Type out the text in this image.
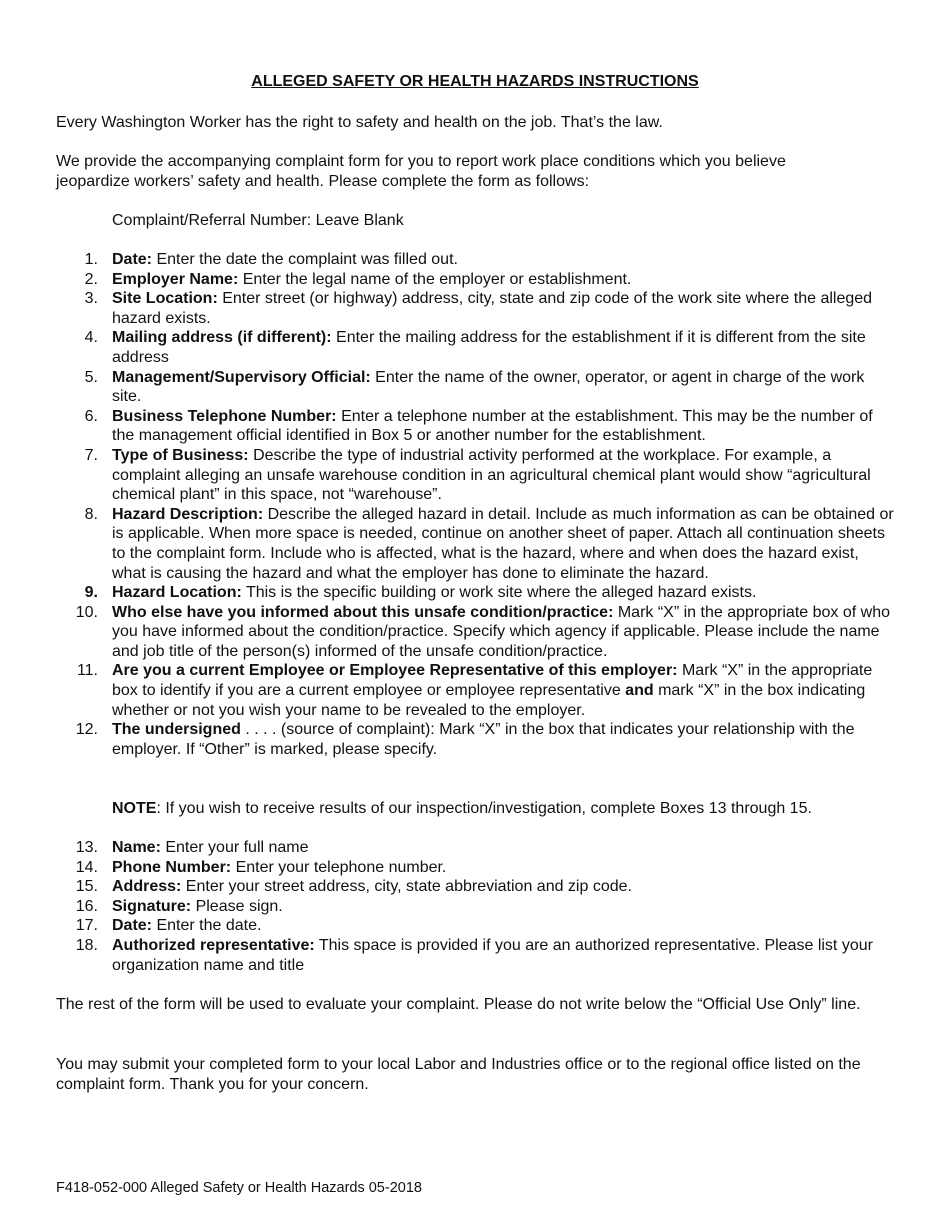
ALLEGED SAFETY OR HEALTH HAZARDS INSTRUCTIONS
Every Washington Worker has the right to safety and health on the job. That’s the law.
We provide the accompanying complaint form for you to report work place conditions which you believe jeopardize workers’ safety and health. Please complete the form as follows:
Complaint/Referral Number: Leave Blank
1. Date: Enter the date the complaint was filled out.
2. Employer Name: Enter the legal name of the employer or establishment.
3. Site Location: Enter street (or highway) address, city, state and zip code of the work site where the alleged hazard exists.
4. Mailing address (if different): Enter the mailing address for the establishment if it is different from the site address
5. Management/Supervisory Official: Enter the name of the owner, operator, or agent in charge of the work site.
6. Business Telephone Number: Enter a telephone number at the establishment. This may be the number of the management official identified in Box 5 or another number for the establishment.
7. Type of Business: Describe the type of industrial activity performed at the workplace. For example, a complaint alleging an unsafe warehouse condition in an agricultural chemical plant would show “agricultural chemical plant” in this space, not “warehouse”.
8. Hazard Description: Describe the alleged hazard in detail. Include as much information as can be obtained or is applicable. When more space is needed, continue on another sheet of paper. Attach all continuation sheets to the complaint form. Include who is affected, what is the hazard, where and when does the hazard exist, what is causing the hazard and what the employer has done to eliminate the hazard.
9. Hazard Location: This is the specific building or work site where the alleged hazard exists.
10. Who else have you informed about this unsafe condition/practice: Mark “X” in the appropriate box of who you have informed about the condition/practice. Specify which agency if applicable. Please include the name and job title of the person(s) informed of the unsafe condition/practice.
11. Are you a current Employee or Employee Representative of this employer: Mark “X” in the appropriate box to identify if you are a current employee or employee representative and mark “X” in the box indicating whether or not you wish your name to be revealed to the employer.
12. The undersigned . . . . (source of complaint): Mark “X” in the box that indicates your relationship with the employer. If “Other” is marked, please specify.
NOTE: If you wish to receive results of our inspection/investigation, complete Boxes 13 through 15.
13. Name: Enter your full name
14. Phone Number: Enter your telephone number.
15. Address: Enter your street address, city, state abbreviation and zip code.
16. Signature: Please sign.
17. Date: Enter the date.
18. Authorized representative: This space is provided if you are an authorized representative. Please list your organization name and title
The rest of the form will be used to evaluate your complaint. Please do not write below the “Official Use Only” line.
You may submit your completed form to your local Labor and Industries office or to the regional office listed on the complaint form. Thank you for your concern.
F418-052-000 Alleged Safety or Health Hazards 05-2018
